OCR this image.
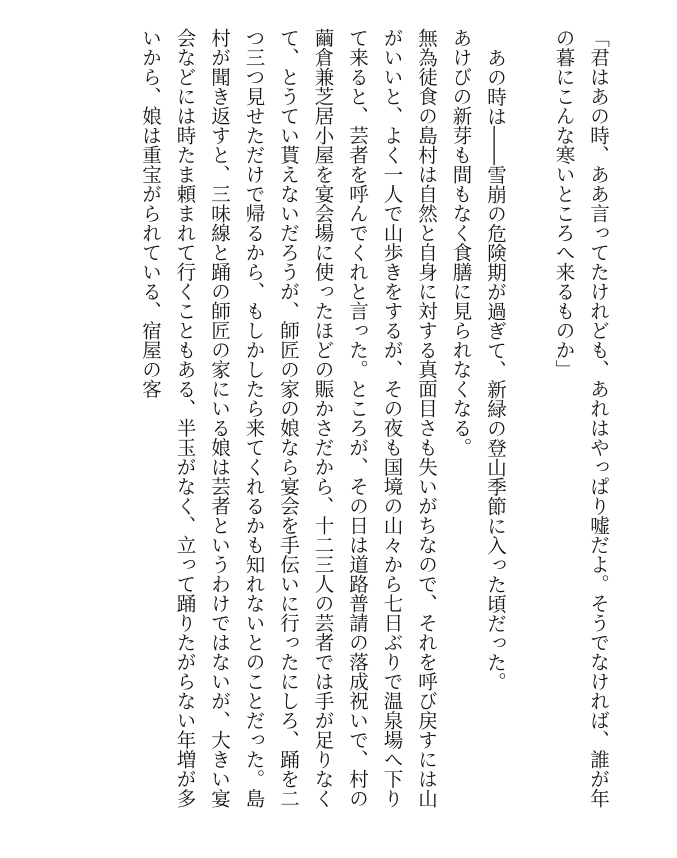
「君はあの時、ああ言ってたけれども、あれはやっぱり嘘だよ。そうでなければ、誰が年の暮にこんな寒いところへ来るものか」

あの時は――雪崩の危険期が過ぎて、新緑の登山季節に入った頃だった。

あけびの新芽も間もなく食膳に見られなくなる。

無為徒食の島村は自然と自身に対する真面目さも失いがちなので、それを呼び戻すには山がいいと、よく一人で山歩きをするが、その夜も国境の山々から七日ぶりで温泉場へ下りて来ると、芸者を呼んでくれと言った。ところが、その日は道路普請の落成祝いで、村の繭倉兼芝居小屋を宴会場に使ったほどの賑かさだから、十二三人の芸者では手が足りなくて、とうてい貰えないだろうが、師匠の家の娘なら宴会を手伝いに行ったにしろ、踊を二つ三つ見せただけで帰るから、もしかしたら来てくれるかも知れないとのことだった。島村が聞き返すと、三味線と踊の師匠の家にいる娘は芸者というわけではないが、大きい宴会などには時たま頼まれて行くこともある、半玉がなく、立って踊りたがらない年増が多いから、娘は重宝がられている、宿屋の客
